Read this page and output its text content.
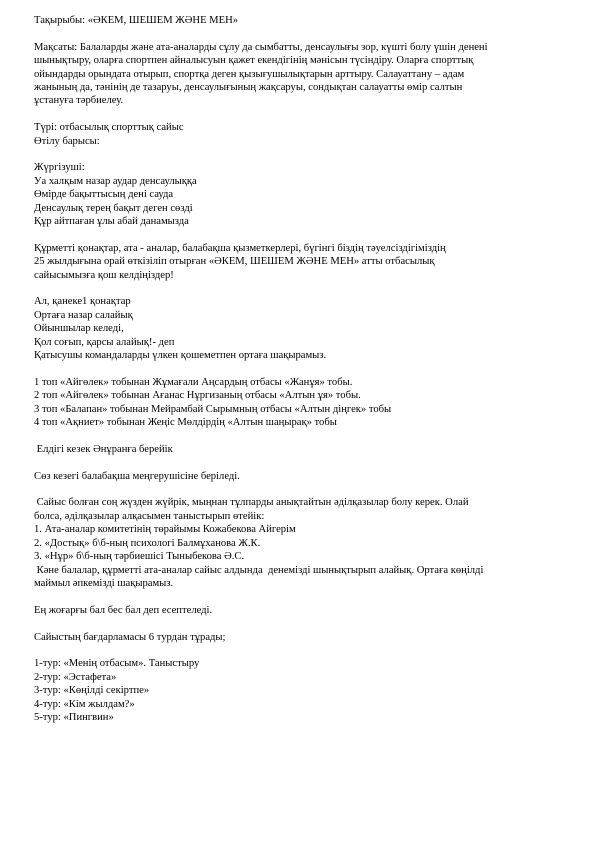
Тақырыбы: «ӘКЕМ, ШЕШЕМ ЖӘНЕ МЕН»

Мақсаты: Балаларды және ата-аналарды сұлу да сымбатты, денсаулығы зор, күшті болу үшін денені

шынықтыру, оларға спортпен айналысуын қажет екендігінің мәнісын түсіндіру. Оларға спорттық

ойындарды орындата отырып, спортқа деген қызығушылықтарын арттыру. Салауаттану – адам

жанының да, тәнінің де тазаруы, денсаулығының жақсаруы, сондықтан салауатты өмір салтын

ұстануға тәрбиелеу.

Түрі: отбасылық спорттық сайыс

Өтілу барысы:

Жүргізуші:

Уа халқым назар аудар денсаулыққа

Өмірде бақыттысың дені сауда

Денсаулық терең бақыт деген сөзді

Құр айтпаған ұлы абай данамызда

Құрметті қонақтар, ата - аналар, балабақша қызметкерлері, бүгінгі біздің тәуелсіздігімiздің

25 жылдығына орай өткізіліп отырған «ӘКЕМ, ШЕШЕМ ЖӘНЕ МЕН» атты отбасылық

сайысымызға қош келдіңіздер!

Ал, қанеке1 қонақтар

Ортаға назар салайық

Ойыншылар келеді,

Қол соғып, қарсы алайық!- деп

Қатысушы командаларды үлкен қошеметпен ортаға шақырамыз.

1 топ «Айгөлек» тобынан Жұмағали Аңсардың отбасы «Жанұя» тобы.

2 топ «Айгөлек» тобынан Ағанас Нұргизаның отбасы «Алтын ұя» тобы.

3 топ «Балапан» тобынан Мейрамбай Сырымның отбасы «Алтын діңгек» тобы

4 топ «Ақниет» тобынан Жеңіс Мөлдірдің «Алтын шаңырақ» тобы

Елдігі кезек Әнұранға берейік

Сөз кезегі балабақша меңгерушісіне беріледі.

Сайыс болған соң жүзден жүйрік, мыңнан тұлпарды анықтайтын әділқазылар болу керек. Олай

болса, әділқазылар алқасымен таныстырып өтейік:

1. Ата-аналар комитетінің төрайымы Кожабекова Айгерім

2. «Достық» б\б-ның психологі Балмұханова Ж.К.

3. «Нұр» б\б-ның тәрбиешісі Тыныбекова Ә.С.

Кәне балалар, құрметті ата-аналар сайыс алдында  денемізді шынықтырып алайық. Ортаға көңілді

маймыл әпкемізді шақырамыз.

Ең жоғарғы бал бес бал деп есептеледі.

Сайыстың бағдарламасы 6 турдан тұрады;

1-тур: «Менің отбасым». Таныстыру

2-тур: «Эстафета»

3-тур: «Көңілді секіртпе»

4-тур: «Кім жылдам?»

5-тур: «Пингвин»
